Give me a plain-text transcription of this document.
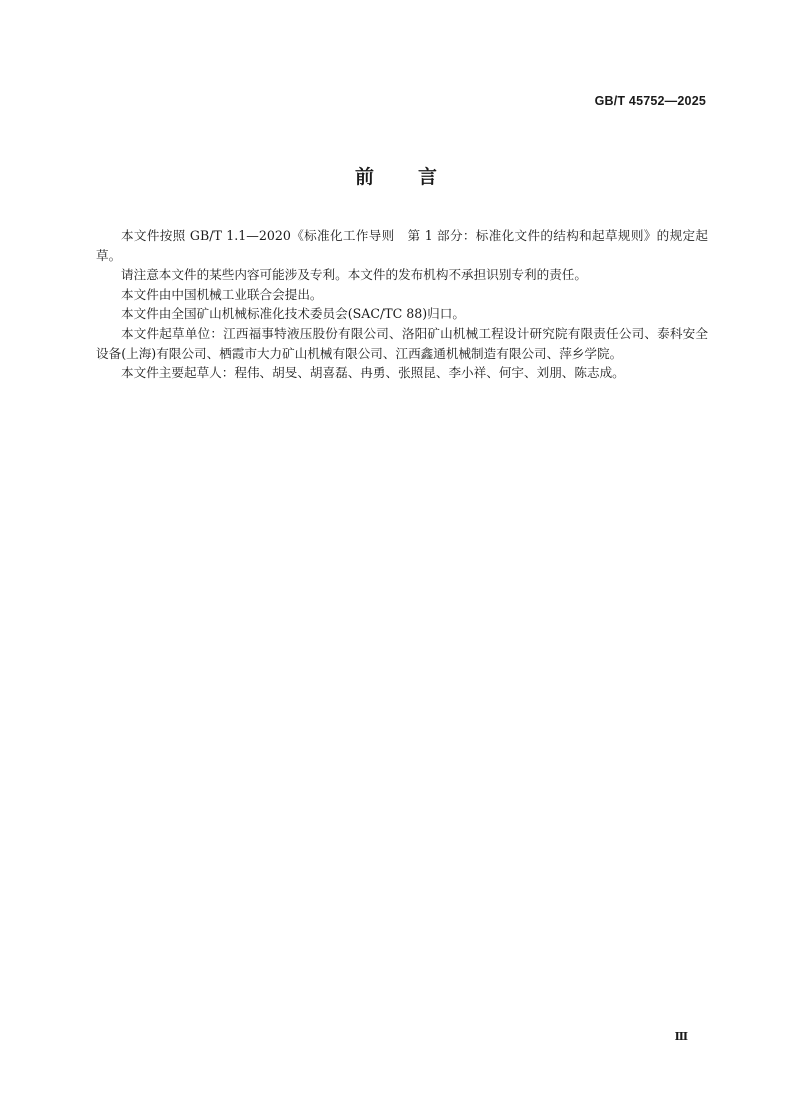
GB/T 45752—2025
前 言

本文件按照 GB/T 1.1—2020《标准化工作导则　第 1 部分：标准化文件的结构和起草规则》的规定起草。

请注意本文件的某些内容可能涉及专利。本文件的发布机构不承担识别专利的责任。

本文件由中国机械工业联合会提出。

本文件由全国矿山机械标准化技术委员会(SAC/TC 88)归口。

本文件起草单位：江西福事特液压股份有限公司、洛阳矿山机械工程设计研究院有限责任公司、泰科安全设备(上海)有限公司、栖霞市大力矿山机械有限公司、江西鑫通机械制造有限公司、萍乡学院。

本文件主要起草人：程伟、胡旻、胡喜磊、冉勇、张照昆、李小祥、何宇、刘朋、陈志成。

Ⅲ
